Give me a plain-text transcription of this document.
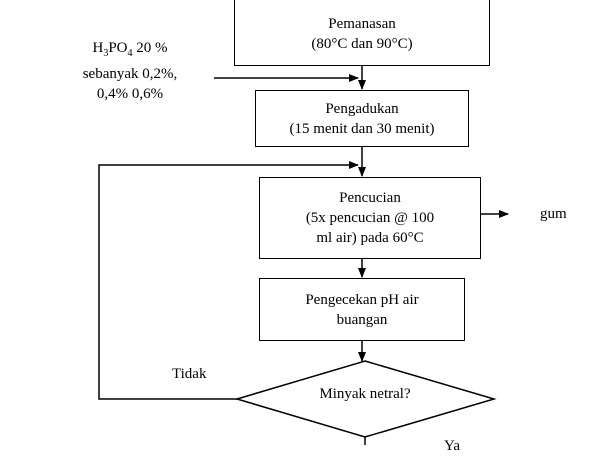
Pemanasan
(80°C dan 90°C)
$H_3PO_4$ 20 %
sebanyak 0,2%,
0,4% 0,6%
Pengadukan
(15 menit dan 30 menit)
Pencucian
(5x pencucian @ 100
ml air) pada 60°C
gum
Pengecekan pH air
buangan
Tidak
Minyak netral?
Ya
